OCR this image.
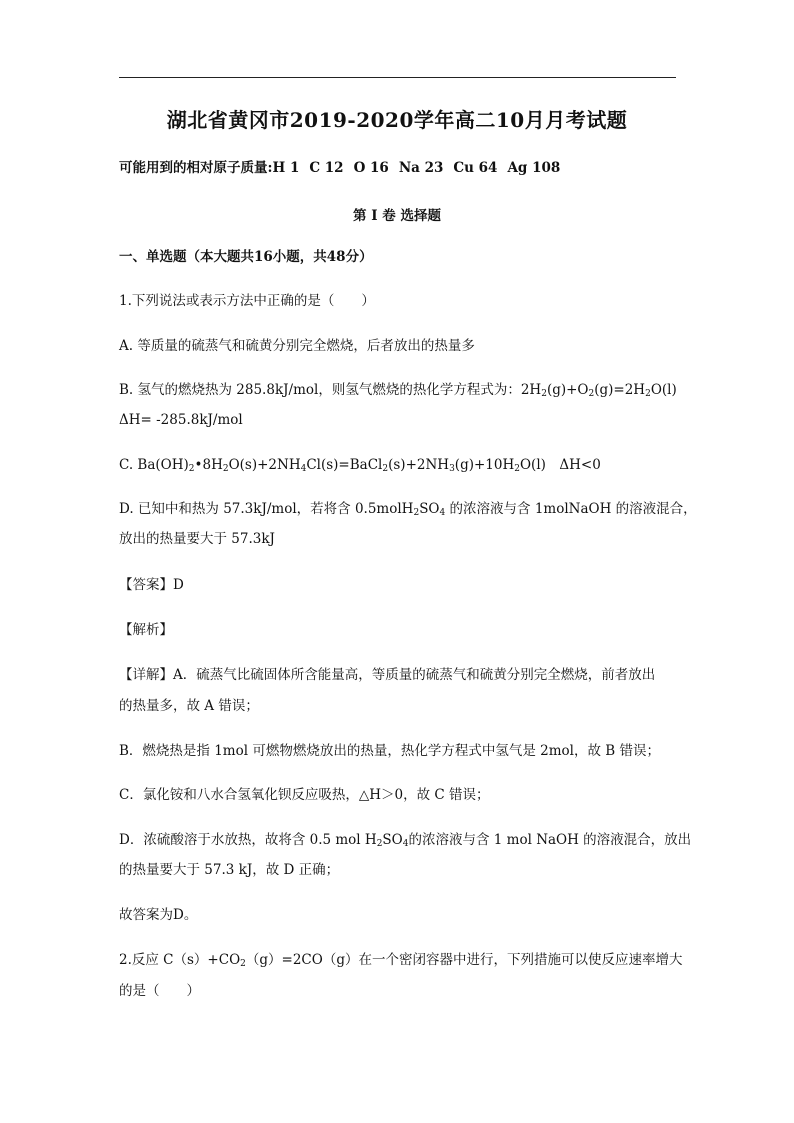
湖北省黄冈市2019-2020学年高二10月月考试题
可能用到的相对原子质量:H 1 C 12 O 16 Na 23 Cu 64 Ag 108
第 I 卷 选择题
一、单选题（本大题共16小题，共48分）
1.下列说法或表示方法中正确的是（　　）
A. 等质量的硫蒸气和硫黄分别完全燃烧，后者放出的热量多
B. 氢气的燃烧热为 285.8kJ/mol，则氢气燃烧的热化学方程式为：$2H_2(g)+O_2(g)=2H_2O(l)$
ΔH= -285.8kJ/mol
C. $Ba(OH)_2•8H_2O(s)+2NH_4Cl(s)=BaCl_2(s)+2NH_3(g)+10H_2O(l)$　ΔH<0
D. 已知中和热为 57.3kJ/mol，若将含 $0.5molH_2SO_4$ 的浓溶液与含 1molNaOH 的溶液混合，
放出的热量要大于 57.3kJ
【答案】D
【解析】
【详解】A．硫蒸气比硫固体所含能量高，等质量的硫蒸气和硫黄分别完全燃烧，前者放出
的热量多，故 A 错误；
B．燃烧热是指 1mol 可燃物燃烧放出的热量，热化学方程式中氢气是 2mol，故 B 错误；
C．氯化铵和八水合氢氧化钡反应吸热，△H＞0，故 C 错误；
D．浓硫酸溶于水放热，故将含 0.5 mol $H_2SO_4$的浓溶液与含 1 mol NaOH 的溶液混合，放出
的热量要大于 57.3 kJ，故 D 正确；
故答案为D。
2.反应 $C(s)+CO_2(g)=2CO(g)$在一个密闭容器中进行，下列措施可以使反应速率增大
的是（　　）
